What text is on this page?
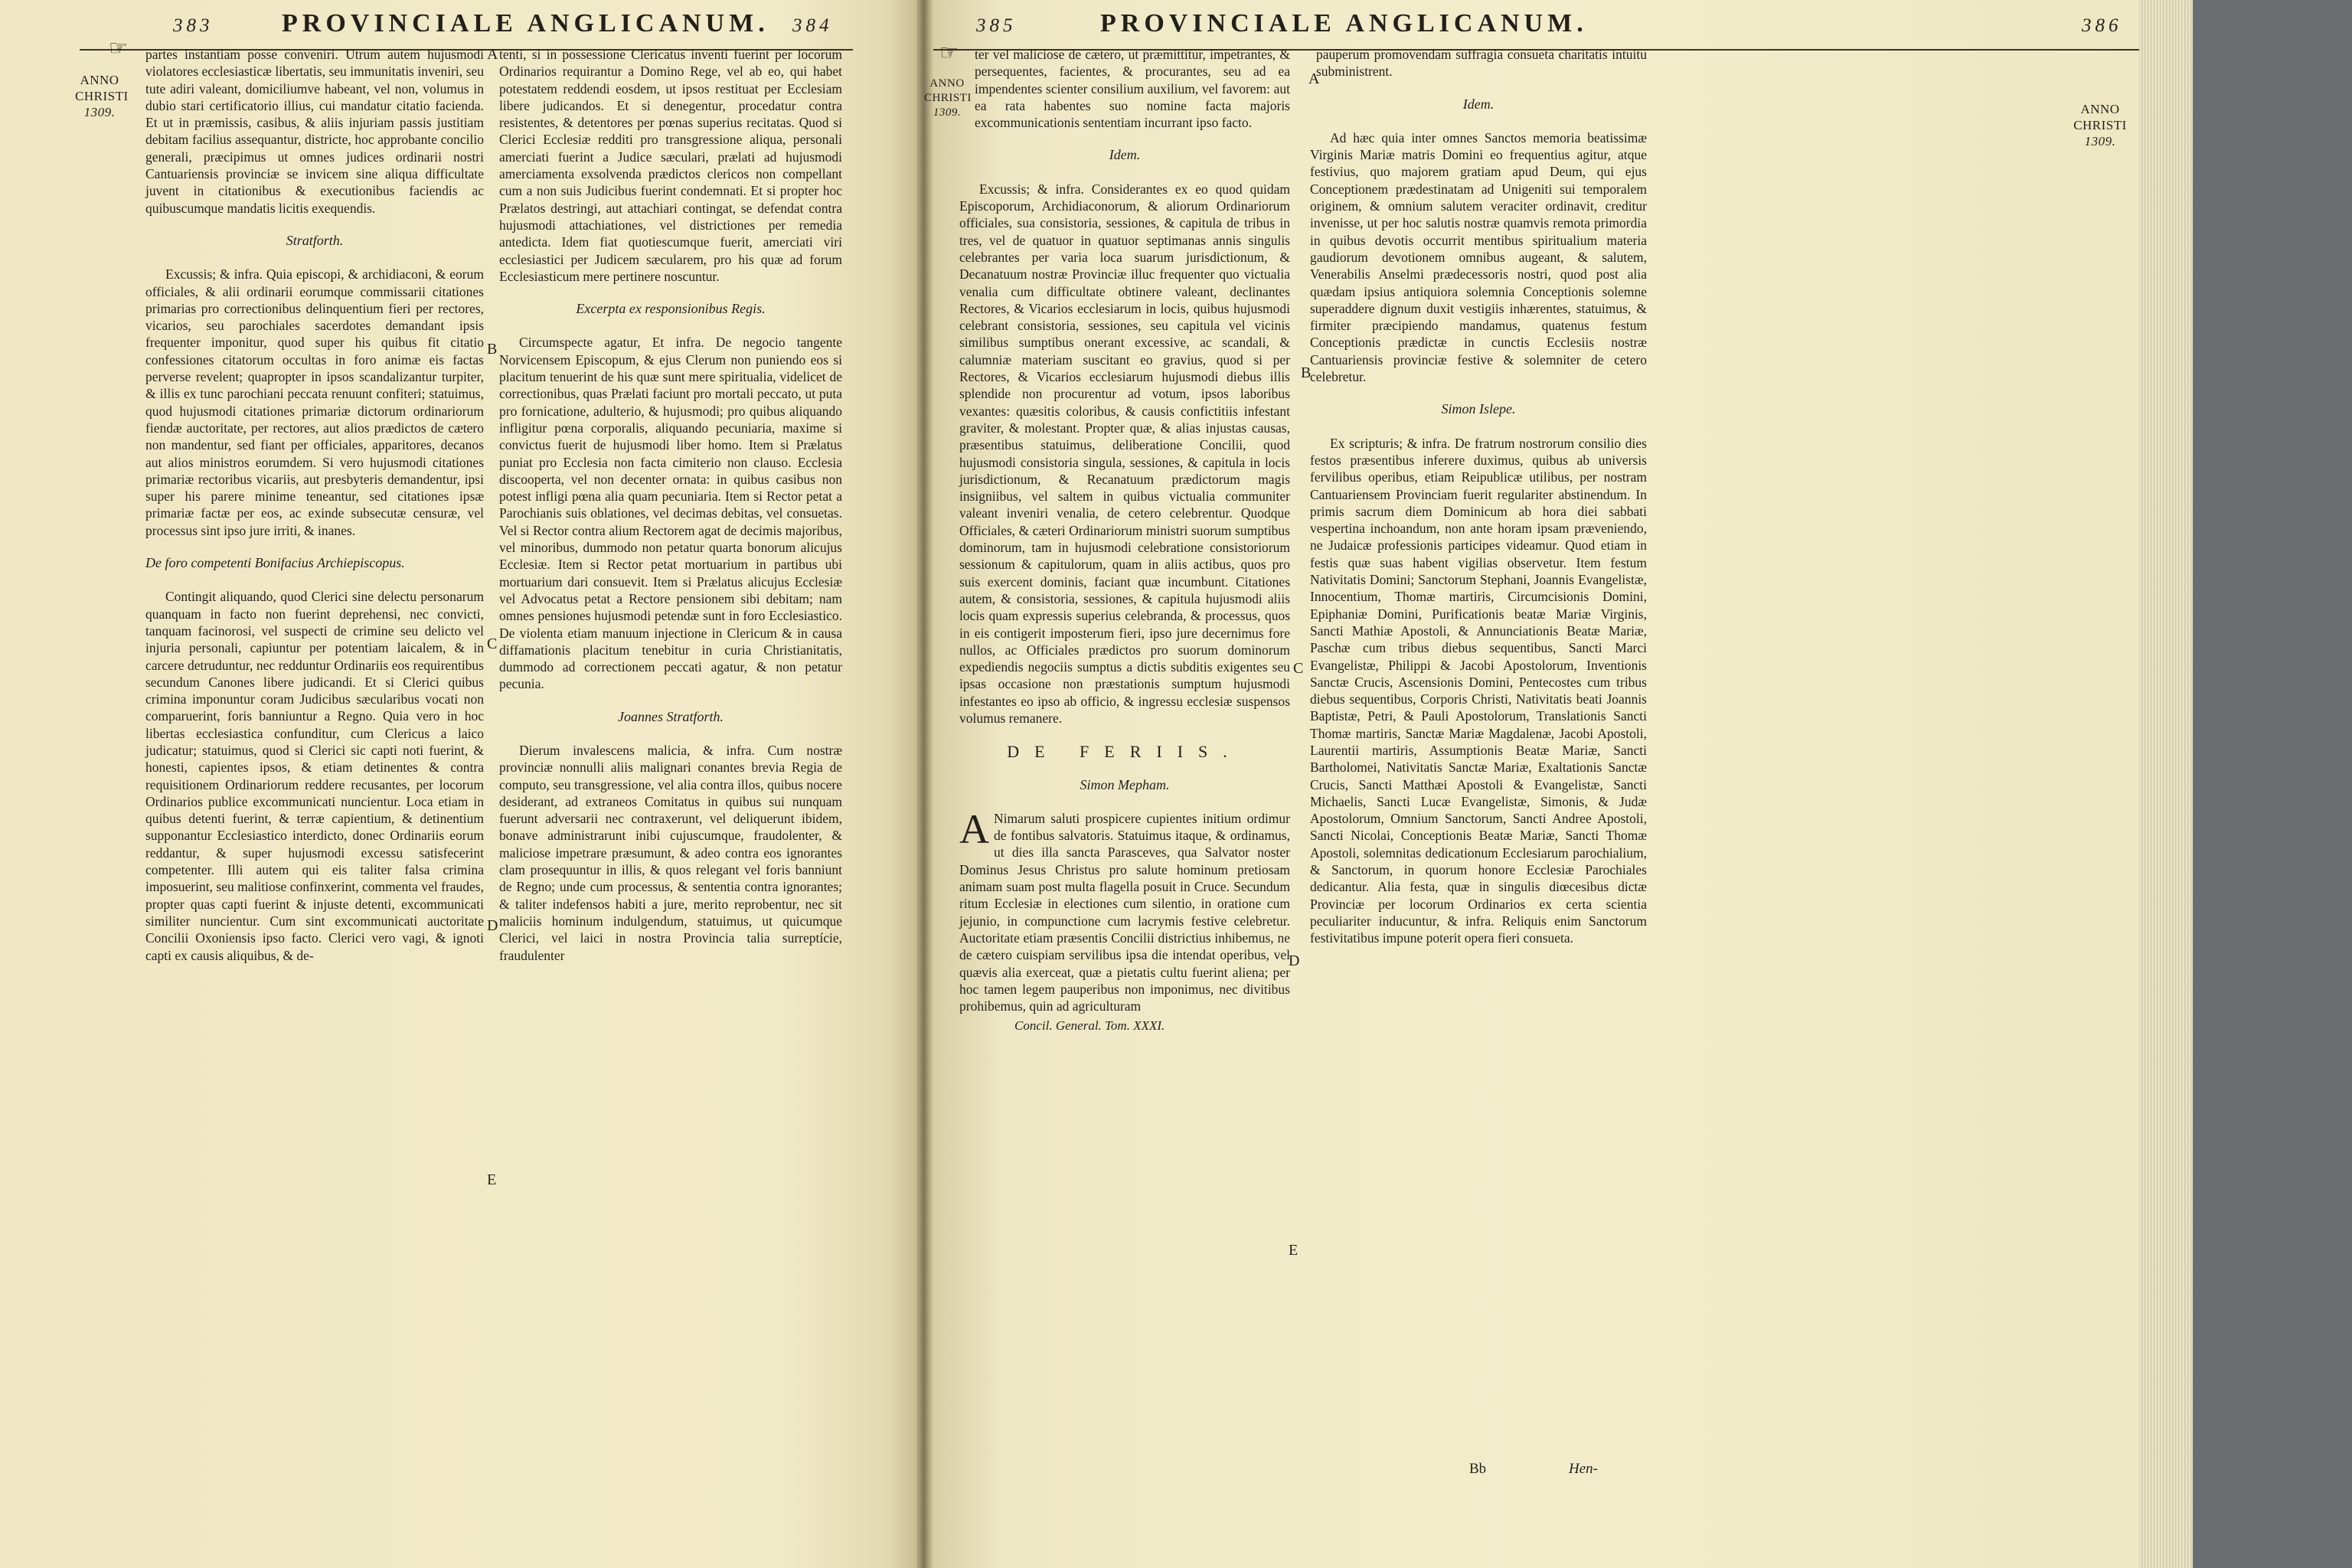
383	PROVINCIALE ANGLICANUM. 384
☞
ANNO
CHRISTI
1309.
A
B
C
D
E

partes instantiam posse conveniri. Utrum autem hujusmodi violatores ecclesiasticæ libertatis, seu immunitatis inveniri, seu tute adiri valeant, domiciliumve habeant, vel non, volumus in dubio stari certificatorio illius, cui mandatur citatio facienda. Et ut in præmissis, casibus, & aliis injuriam passis justitiam debitam facilius assequantur, districte, hoc approbante concilio generali, præcipimus ut omnes judices ordinarii nostri Cantuariensis provinciæ se invicem sine aliqua difficultate juvent in citationibus & executionibus faciendis ac quibuscumque mandatis licitis exequendis.

Stratforth.

Excussis; & infra. Quia episcopi, & archidiaconi, & eorum officiales, & alii ordinarii eorumque commissarii citationes primarias pro correctionibus delinquentium fieri per rectores, vicarios, seu parochiales sacerdotes demandant ipsis frequenter imponitur, quod super his quibus fit citatio confessiones citatorum occultas in foro animæ eis factas perverse revelent; quapropter in ipsos scandalizantur turpiter, & illis ex tunc parochiani peccata renuunt confiteri; statuimus, quod hujusmodi citationes primariæ dictorum ordinariorum fiendæ auctoritate, per rectores, aut alios prædictos de cætero non mandentur, sed fiant per officiales, apparitores, decanos aut alios ministros eorumdem. Si vero hujusmodi citationes primariæ rectoribus vicariis, aut presbyteris demandentur, ipsi super his parere minime teneantur, sed citationes ipsæ primariæ factæ per eos, ac exinde subsecutæ censuræ, vel processus sint ipso jure irriti, & inanes.

De foro competenti Bonifacius Archiepiscopus.

Contingit aliquando, quod Clerici sine delectu personarum quanquam in facto non fuerint deprehensi, nec convicti, tanquam facinorosi, vel suspecti de crimine seu delicto vel injuria personali, capiuntur per potentiam laicalem, & in carcere detruduntur, nec redduntur Ordinariis eos requirentibus secundum Canones libere judicandi. Et si Clerici quibus crimina imponuntur coram Judicibus sæcularibus vocati non comparuerint, foris banniuntur a Regno. Quia vero in hoc libertas ecclesiastica confunditur, cum Clericus a laico judicatur; statuimus, quod si Clerici sic capti noti fuerint, & honesti, capientes ipsos, & etiam detinentes & contra requisitionem Ordinariorum reddere recusantes, per locorum Ordinarios publice excommunicati nuncientur. Loca etiam in quibus detenti fuerint, & terræ capientium, & detinentium supponantur Ecclesiastico interdicto, donec Ordinariis eorum reddantur, & super hujusmodi excessu satisfecerint competenter. Illi autem qui eis taliter falsa crimina imposuerint, seu malitiose confinxerint, commenta vel fraudes, propter quas capti fuerint & injuste detenti, excommunicati similiter nuncientur. Cum sint excommunicati auctoritate Concilii Oxoniensis ipso facto. Clerici vero vagi, & ignoti capti ex causis aliquibus, & de-

tenti, si in possessione Clericatus inventi fuerint per locorum Ordinarios requirantur a Domino Rege, vel ab eo, qui habet potestatem reddendi eosdem, ut ipsos restituat per Ecclesiam libere judicandos. Et si denegentur, procedatur contra resistentes, & detentores per pœnas superius recitatas. Quod si Clerici Ecclesiæ redditi pro transgressione aliqua, personali amerciati fuerint a Judice sæculari, prælati ad hujusmodi amerciamenta exsolvenda prædictos clericos non compellant cum a non suis Judicibus fuerint condemnati. Et si propter hoc Prælatos destringi, aut attachiari contingat, se defendat contra hujusmodi attachiationes, vel districtiones per remedia antedicta. Idem fiat quotiescumque fuerit, amerciati viri ecclesiastici per Judicem sæcularem, pro his quæ ad forum Ecclesiasticum mere pertinere noscuntur.

Excerpta ex responsionibus Regis.

Circumspecte agatur, Et infra. De negocio tangente Norvicensem Episcopum, & ejus Clerum non puniendo eos si placitum tenuerint de his quæ sunt mere spiritualia, videlicet de correctionibus, quas Prælati faciunt pro mortali peccato, ut puta pro fornicatione, adulterio, & hujusmodi; pro quibus aliquando infligitur pœna corporalis, aliquando pecuniaria, maxime si convictus fuerit de hujusmodi liber homo. Item si Prælatus puniat pro Ecclesia non facta cimiterio non clauso. Ecclesia discooperta, vel non decenter ornata: in quibus casibus non potest infligi pœna alia quam pecuniaria. Item si Rector petat a Parochianis suis oblationes, vel decimas debitas, vel consuetas. Vel si Rector contra alium Rectorem agat de decimis majoribus, vel minoribus, dummodo non petatur quarta bonorum alicujus Ecclesiæ. Item si Rector petat mortuarium in partibus ubi mortuarium dari consuevit. Item si Prælatus alicujus Ecclesiæ vel Advocatus petat a Rectore pensionem sibi debitam; nam omnes pensiones hujusmodi petendæ sunt in foro Ecclesiastico. De violenta etiam manuum injectione in Clericum & in causa diffamationis placitum tenebitur in curia Christianitatis, dummodo ad correctionem peccati agatur, & non petatur pecunia.

Joannes Stratforth.

Dierum invalescens malicia, & infra. Cum nostræ provinciæ nonnulli aliis malignari conantes brevia Regia de computo, seu transgressione, vel alia contra illos, quibus nocere desiderant, ad extraneos Comitatus in quibus sui nunquam fuerunt adversarii nec contraxerunt, vel deliquerunt ibidem, bonave administrarunt inibi cujuscumque, fraudolenter, & maliciose impetrare præsumunt, & adeo contra eos ignorantes clam prosequuntur in illis, & quos relegant vel foris banniunt de Regno; unde cum processus, & sententia contra ignorantes; & taliter indefensos habiti a jure, merito reprobentur, nec sit maliciis hominum indulgendum, statuimus, ut quicumque Clerici, vel laici in nostra Provincia talia surreptície, fraudulenter

385	PROVINCIALE ANGLICANUM.	386
☞
ANNO
CHRISTI
1309.	ANNO
CHRISTI
1309.
A
B
C
D
E

ter vel maliciose de cætero, ut præmittitur, impetrantes, & persequentes, facientes, & procurantes, seu ad ea impendentes scienter consilium auxilium, vel favorem: aut ea rata habentes suo nomine facta majoris excommunicationis sententiam incurrant ipso facto.

Idem.

Excussis; & infra. Considerantes ex eo quod quidam Episcoporum, Archidiaconorum, & aliorum Ordinariorum officiales, sua consistoria, sessiones, & capitula de tribus in tres, vel de quatuor in quatuor septimanas annis singulis celebrantes per varia loca suarum jurisdictionum, & Decanatuum nostræ Provinciæ illuc frequenter quo victualia venalia cum difficultate obtinere valeant, declinantes Rectores, & Vicarios ecclesiarum in locis, quibus hujusmodi celebrant consistoria, sessiones, seu capitula vel vicinis similibus sumptibus onerant excessive, ac scandali, & calumniæ materiam suscitant eo gravius, quod si per Rectores, & Vicarios ecclesiarum hujusmodi diebus illis splendide non procurentur ad votum, ipsos laboribus vexantes: quæsitis coloribus, & causis confictitiis infestant graviter, & molestant. Propter quæ, & alias injustas causas, præsentibus statuimus, deliberatione Concilii, quod hujusmodi consistoria singula, sessiones, & capitula in locis jurisdictionum, & Recanatuum prædictorum magis insigniibus, vel saltem in quibus victualia communiter valeant inveniri venalia, de cetero celebrentur. Quodque Officiales, & cæteri Ordinariorum ministri suorum sumptibus dominorum, tam in hujusmodi celebratione consistoriorum sessionum & capitulorum, quam in aliis actibus, quos pro suis exercent dominis, faciant quæ incumbunt. Citationes autem, & consistoria, sessiones, & capitula hujusmodi aliis locis quam expressis superius celebranda, & processus, quos in eis contigerit imposterum fieri, ipso jure decernimus fore nullos, ac Officiales prædictos pro suorum dominorum expediendis negociis sumptus a dictis subditis exigentes seu ipsas occasione non præstationis sumptum hujusmodi infestantes eo ipso ab officio, & ingressu ecclesiæ suspensos volumus remanere.

DE FERIIS.
Simon Mepham.

A Nimarum saluti prospicere cupientes initium ordimur de fontibus salvatoris. Statuimus itaque, & ordinamus, ut dies illa sancta Parasceves, qua Salvator noster Dominus Jesus Christus pro salute hominum pretiosam animam suam post multa flagella posuit in Cruce. Secundum ritum Ecclesiæ in electiones cum silentio, in oratione cum jejunio, in compunctione cum lacrymis festive celebretur. Auctoritate etiam præsentis Concilii districtius inhibemus, ne de cætero cuispiam servilibus ipsa die intendat operibus, vel quævis alia exerceat, quæ a pietatis cultu fuerint aliena; per hoc tamen legem pauperibus non imponimus, nec divitibus prohibemus, quin ad agriculturam

Concil. General. Tom. XXXI.

pauperum promovendam suffragia consueta charitatis intuitu subministrent.

Idem.

Ad hæc quia inter omnes Sanctos memoria beatissimæ Virginis Mariæ matris Domini eo frequentius agitur, atque festivius, quo majorem gratiam apud Deum, qui ejus Conceptionem prædestinatam ad Unigeniti sui temporalem originem, & omnium salutem veraciter ordinavit, creditur invenisse, ut per hoc salutis nostræ quamvis remota primordia in quibus devotis occurrit mentibus spiritualium materia gaudiorum devotionem omnibus augeant, & salutem, Venerabilis Anselmi prædecessoris nostri, quod post alia quædam ipsius antiquiora solemnia Conceptionis solemne superaddere dignum duxit vestigiis inhærentes, statuimus, & firmiter præcipiendo mandamus, quatenus festum Conceptionis prædictæ in cunctis Ecclesiis nostræ Cantuariensis provinciæ festive & solemniter de cetero celebretur.

Simon Islepe.

Ex scripturis; & infra. De fratrum nostrorum consilio dies festos præsentibus inferere duximus, quibus ab universis fervilibus operibus, etiam Reipublicæ utilibus, per nostram Cantuariensem Provinciam fuerit regulariter abstinendum. In primis sacrum diem Dominicum ab hora diei sabbati vespertina inchoandum, non ante horam ipsam præveniendo, ne Judaicæ professionis participes videamur. Quod etiam in festis quæ suas habent vigilias observetur. Item festum Nativitatis Domini; Sanctorum Stephani, Joannis Evangelistæ, Innocentium, Thomæ martiris, Circumcisionis Domini, Epiphaniæ Domini, Purificationis beatæ Mariæ Virginis, Sancti Mathiæ Apostoli, & Annunciationis Beatæ Mariæ, Paschæ cum tribus diebus sequentibus, Sancti Marci Evangelistæ, Philippi & Jacobi Apostolorum, Inventionis Sanctæ Crucis, Ascensionis Domini, Pentecostes cum tribus diebus sequentibus, Corporis Christi, Nativitatis beati Joannis Baptistæ, Petri, & Pauli Apostolorum, Translationis Sancti Thomæ martiris, Sanctæ Mariæ Magdalenæ, Jacobi Apostoli, Laurentii martiris, Assumptionis Beatæ Mariæ, Sancti Bartholomei, Nativitatis Sanctæ Mariæ, Exaltationis Sanctæ Crucis, Sancti Matthæi Apostoli & Evangelistæ, Sancti Michaelis, Sancti Lucæ Evangelistæ, Simonis, & Judæ Apostolorum, Omnium Sanctorum, Sancti Andree Apostoli, Sancti Nicolai, Conceptionis Beatæ Mariæ, Sancti Thomæ Apostoli, solemnitas dedicationum Ecclesiarum parochialium, & Sanctorum, in quorum honore Ecclesiæ Parochiales dedicantur. Alia festa, quæ in singulis diœcesibus dictæ Provinciæ per locorum Ordinarios ex certa scientia peculiariter inducuntur, & infra. Reliquis enim Sanctorum festivitatibus impune poterit opera fieri consueta.

Bb	Hen-
